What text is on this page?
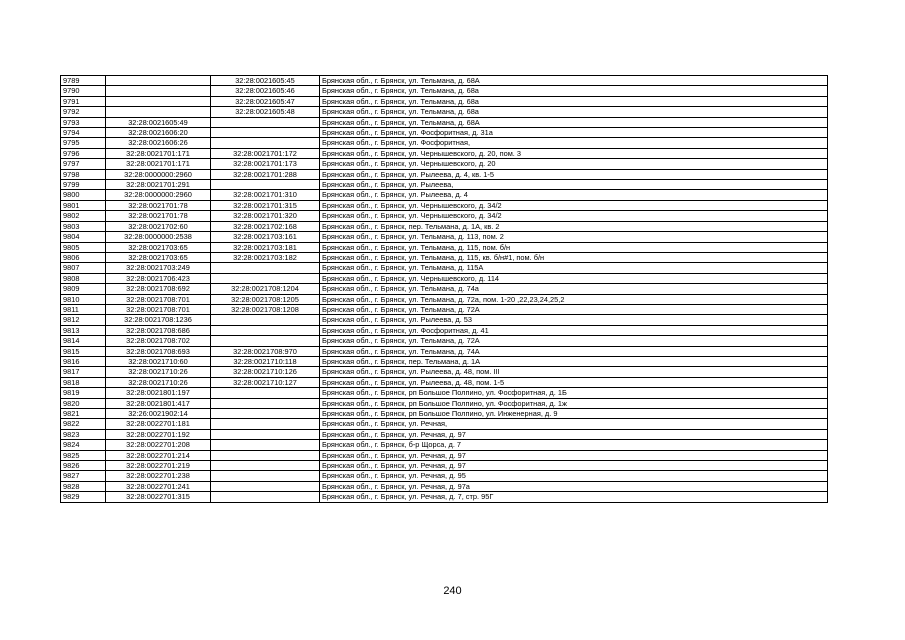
9789		32:28:0021605:45	Брянская обл., г. Брянск, ул. Тельмана, д. 68А
9790		32:28:0021605:46	Брянская обл., г. Брянск, ул. Тельмана, д. 68а
9791		32:28:0021605:47	Брянская обл., г. Брянск, ул. Тельмана, д. 68а
9792		32:28:0021605:48	Брянская обл., г. Брянск, ул. Тельмана, д. 68а
9793	32:28:0021605:49		Брянская обл., г. Брянск, ул. Тельмана, д. 68А
9794	32:28:0021606:20		Брянская обл., г. Брянск, ул. Фосфоритная, д. 31а
9795	32:28:0021606:26		Брянская обл., г. Брянск, ул. Фосфоритная,
9796	32:28:0021701:171	32:28:0021701:172	Брянская обл., г. Брянск, ул. Чернышевского, д. 20, пом. 3
9797	32:28:0021701:171	32:28:0021701:173	Брянская обл., г. Брянск, ул. Чернышевского, д. 20
9798	32:28:0000000:2960	32:28:0021701:288	Брянская обл., г. Брянск, ул. Рылеева, д. 4, кв. 1-5
9799	32:28:0021701:291		Брянская обл., г. Брянск, ул. Рылеева,
9800	32:28:0000000:2960	32:28:0021701:310	Брянская обл., г. Брянск, ул. Рылеева, д. 4
9801	32:28:0021701:78	32:28:0021701:315	Брянская обл., г. Брянск, ул. Чернышевского, д. 34/2
9802	32:28:0021701:78	32:28:0021701:320	Брянская обл., г. Брянск, ул. Чернышевского, д. 34/2
9803	32:28:0021702:60	32:28:0021702:168	Брянская обл., г. Брянск, пер. Тельмана, д. 1А, кв. 2
9804	32:28:0000000:2538	32:28:0021703:161	Брянская обл., г. Брянск, ул. Тельмана, д. 113, пом. 2
9805	32:28:0021703:65	32:28:0021703:181	Брянская обл., г. Брянск, ул. Тельмана, д. 115, пом. б/н
9806	32:28:0021703:65	32:28:0021703:182	Брянская обл., г. Брянск, ул. Тельмана, д. 115, кв. б/н#1, пом. б/н
9807	32:28:0021703:249		Брянская обл., г. Брянск, ул. Тельмана, д. 115А
9808	32:28:0021706:423		Брянская обл., г. Брянск, ул. Чернышевского, д. 114
9809	32:28:0021708:692	32:28:0021708:1204	Брянская обл., г. Брянск, ул. Тельмана, д. 74а
9810	32:28:0021708:701	32:28:0021708:1205	Брянская обл., г. Брянск, ул. Тельмана, д. 72а, пом. 1-20 ,22,23,24,25,2
9811	32:28:0021708:701	32:28:0021708:1208	Брянская обл., г. Брянск, ул. Тельмана, д. 72А
9812	32:28:0021708:1236		Брянская обл., г. Брянск, ул. Рылеева, д. 53
9813	32:28:0021708:686		Брянская обл., г. Брянск, ул. Фосфоритная, д. 41
9814	32:28:0021708:702		Брянская обл., г. Брянск, ул. Тельмана, д. 72А
9815	32:28:0021708:693	32:28:0021708:970	Брянская обл., г. Брянск, ул. Тельмана, д. 74А
9816	32:28:0021710:60	32:28:0021710:118	Брянская обл., г. Брянск, пер. Тельмана, д. 1А
9817	32:28:0021710:26	32:28:0021710:126	Брянская обл., г. Брянск, ул. Рылеева, д. 48, пом. III
9818	32:28:0021710:26	32:28:0021710:127	Брянская обл., г. Брянск, ул. Рылеева, д. 48, пом. 1-5
9819	32:28:0021801:197		Брянская обл., г. Брянск, рп Большое Полпино, ул. Фосфоритная, д. 1Б
9820	32:28:0021801:417		Брянская обл., г. Брянск, рп Большое Полпино, ул. Фосфоритная, д. 1ж
9821	32:26:0021902:14		Брянская обл., г. Брянск, рп Большое Полпино, ул. Инженерная, д. 9
9822	32:28:0022701:181		Брянская обл., г. Брянск, ул. Речная,
9823	32:28:0022701:192		Брянская обл., г. Брянск, ул. Речная, д. 97
9824	32:28:0022701:208		Брянская обл., г. Брянск, б-р Щорса, д. 7
9825	32:28:0022701:214		Брянская обл., г. Брянск, ул. Речная, д. 97
9826	32:28:0022701:219		Брянская обл., г. Брянск, ул. Речная, д. 97
9827	32:28:0022701:238		Брянская обл., г. Брянск, ул. Речная, д. 95
9828	32:28:0022701:241		Брянская обл., г. Брянск, ул. Речная, д. 97а
9829	32:28:0022701:315		Брянская обл., г. Брянск, ул. Речная, д. 7, стр. 95Г
240
